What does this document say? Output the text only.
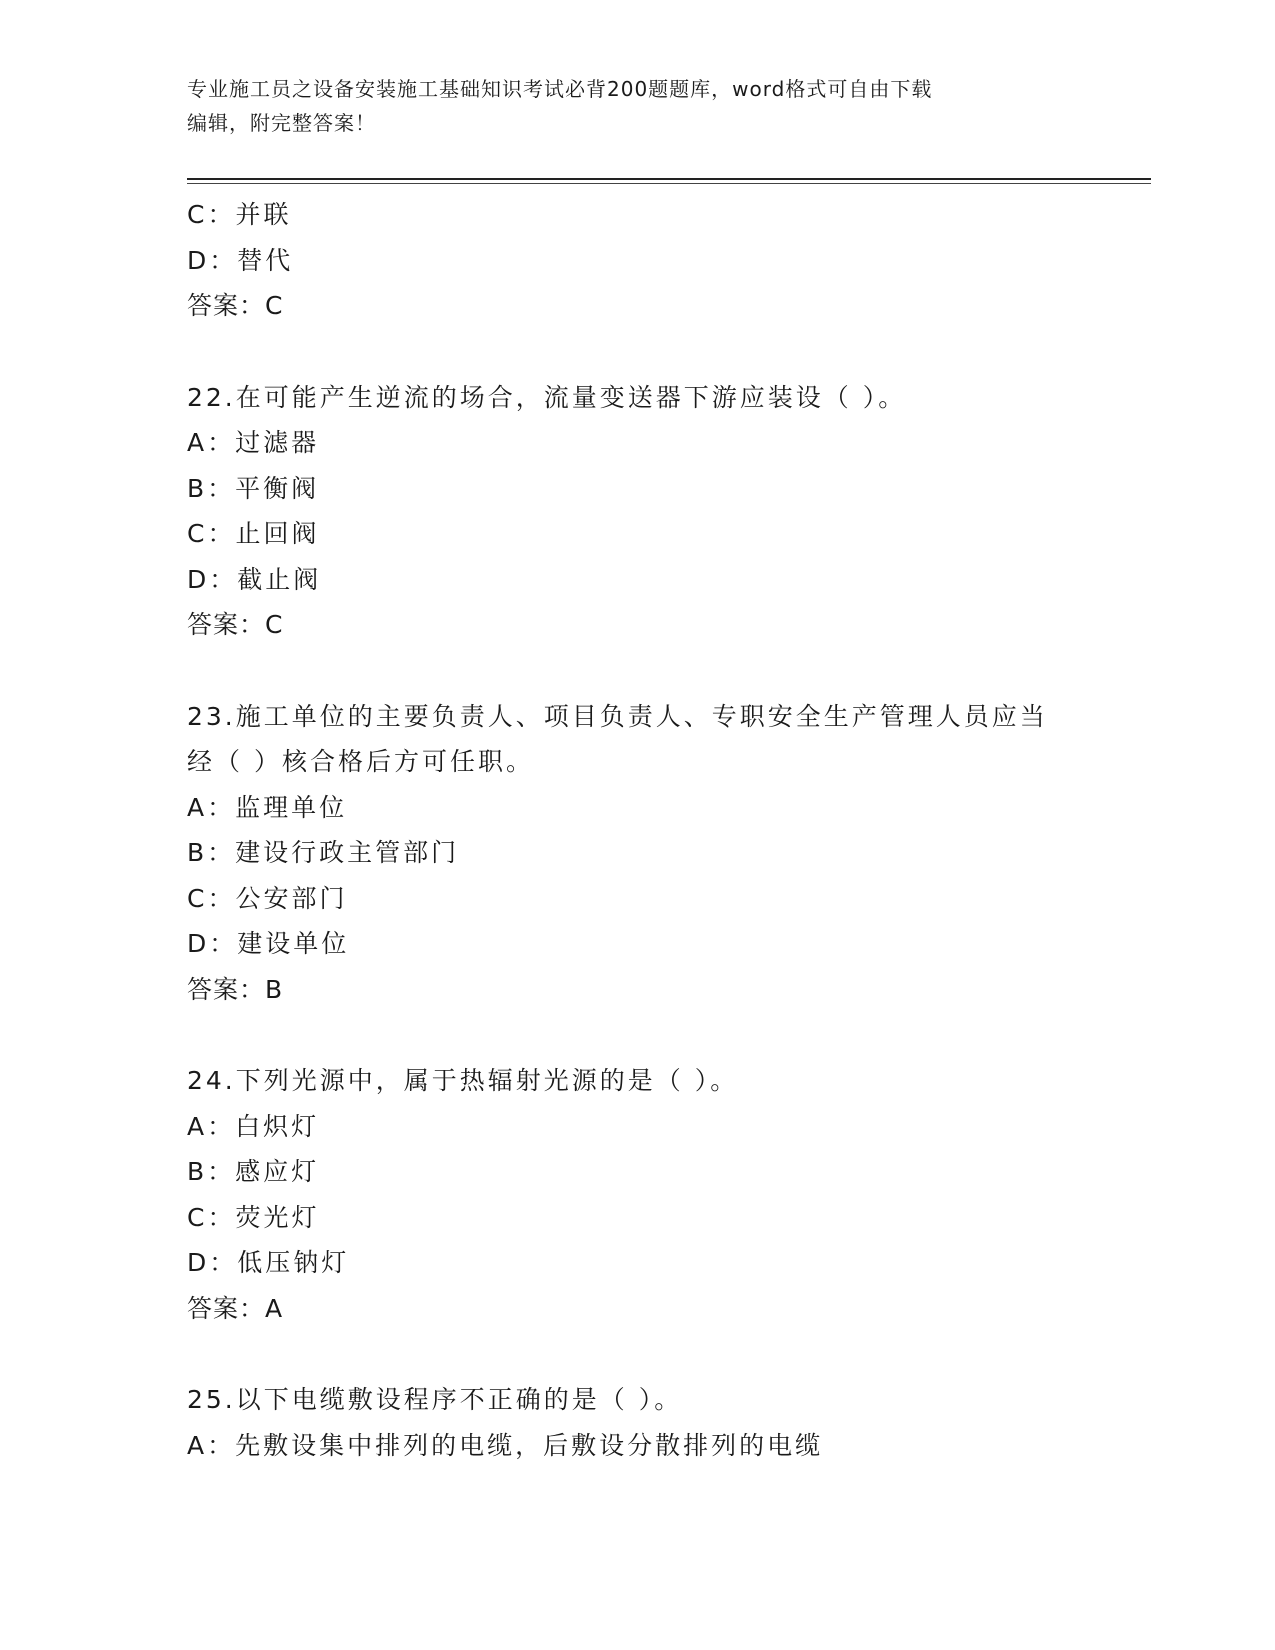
专业施工员之设备安装施工基础知识考试必背200题题库，word格式可自由下载
编辑，附完整答案！
C：并联
D：替代
答案：C
22.在可能产生逆流的场合，流量变送器下游应装设（ ）。
A：过滤器
B：平衡阀
C：止回阀
D：截止阀
答案：C
23.施工单位的主要负责人、项目负责人、专职安全生产管理人员应当
经（ ）核合格后方可任职。
A：监理单位
B：建设行政主管部门
C：公安部门
D：建设单位
答案：B
24.下列光源中，属于热辐射光源的是（ ）。
A：白炽灯
B：感应灯
C：荧光灯
D：低压钠灯
答案：A
25.以下电缆敷设程序不正确的是（ ）。
A：先敷设集中排列的电缆，后敷设分散排列的电缆
